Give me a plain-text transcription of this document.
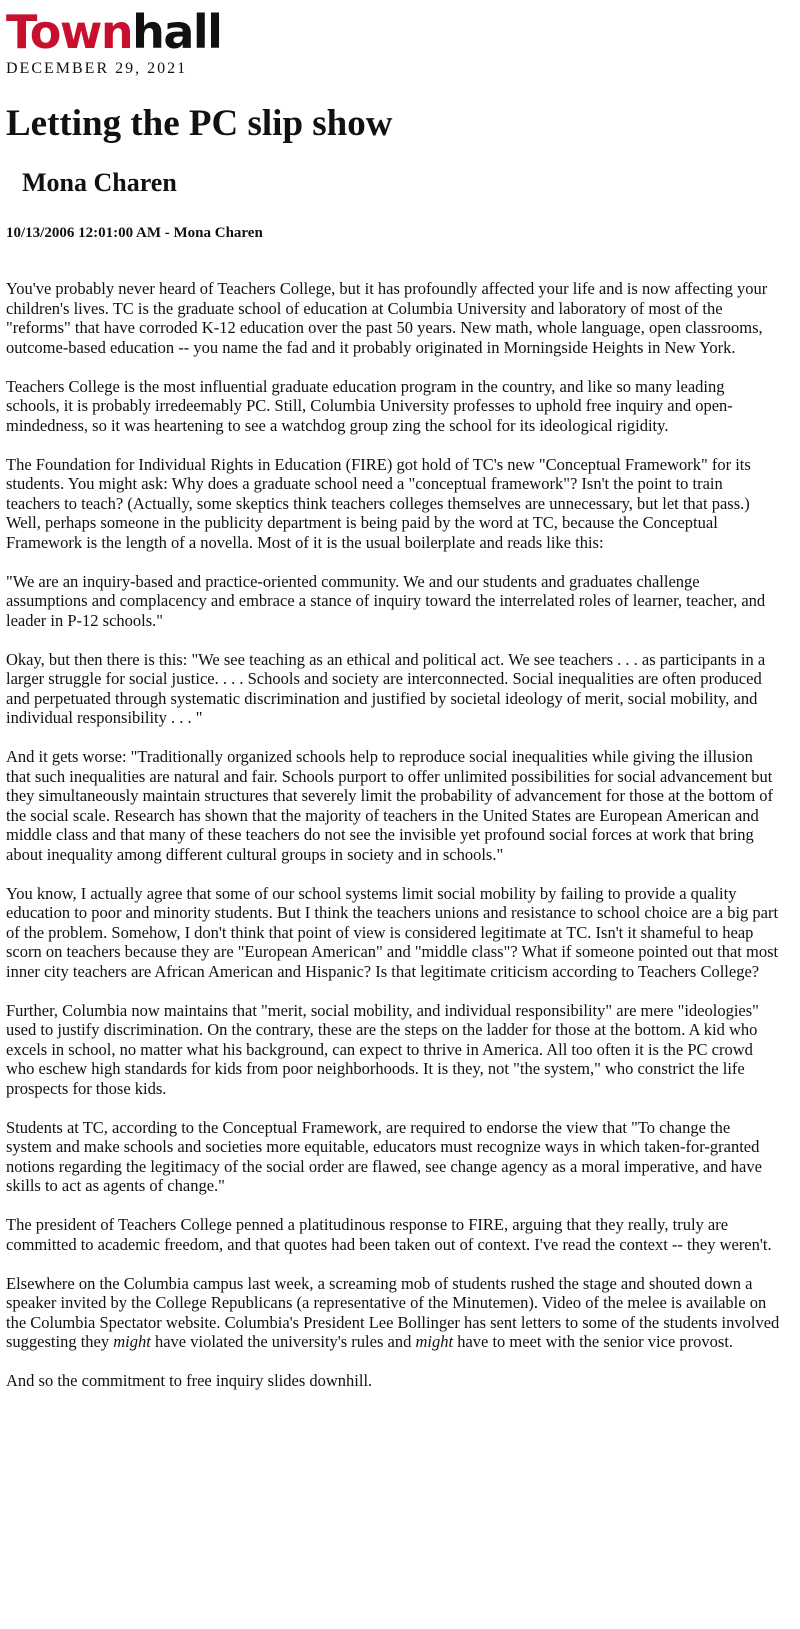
Townhall
DECEMBER 29, 2021
Letting the PC slip show
Mona Charen
10/13/2006 12:01:00 AM - Mona Charen

You've probably never heard of Teachers College, but it has profoundly affected your life and is now affecting your children's lives. TC is the graduate school of education at Columbia University and laboratory of most of the "reforms" that have corroded K-12 education over the past 50 years. New math, whole language, open classrooms, outcome-based education -- you name the fad and it probably originated in Morningside Heights in New York.

Teachers College is the most influential graduate education program in the country, and like so many leading schools, it is probably irredeemably PC. Still, Columbia University professes to uphold free inquiry and open-mindedness, so it was heartening to see a watchdog group zing the school for its ideological rigidity.

The Foundation for Individual Rights in Education (FIRE) got hold of TC's new "Conceptual Framework" for its students. You might ask: Why does a graduate school need a "conceptual framework"? Isn't the point to train teachers to teach? (Actually, some skeptics think teachers colleges themselves are unnecessary, but let that pass.) Well, perhaps someone in the publicity department is being paid by the word at TC, because the Conceptual Framework is the length of a novella. Most of it is the usual boilerplate and reads like this:

"We are an inquiry-based and practice-oriented community. We and our students and graduates challenge assumptions and complacency and embrace a stance of inquiry toward the interrelated roles of learner, teacher, and leader in P-12 schools."

Okay, but then there is this: "We see teaching as an ethical and political act. We see teachers . . . as participants in a larger struggle for social justice. . . . Schools and society are interconnected. Social inequalities are often produced and perpetuated through systematic discrimination and justified by societal ideology of merit, social mobility, and individual responsibility . . . "

And it gets worse: "Traditionally organized schools help to reproduce social inequalities while giving the illusion that such inequalities are natural and fair. Schools purport to offer unlimited possibilities for social advancement but they simultaneously maintain structures that severely limit the probability of advancement for those at the bottom of the social scale. Research has shown that the majority of teachers in the United States are European American and middle class and that many of these teachers do not see the invisible yet profound social forces at work that bring about inequality among different cultural groups in society and in schools."

You know, I actually agree that some of our school systems limit social mobility by failing to provide a quality education to poor and minority students. But I think the teachers unions and resistance to school choice are a big part of the problem. Somehow, I don't think that point of view is considered legitimate at TC. Isn't it shameful to heap scorn on teachers because they are "European American" and "middle class"? What if someone pointed out that most inner city teachers are African American and Hispanic? Is that legitimate criticism according to Teachers College?

Further, Columbia now maintains that "merit, social mobility, and individual responsibility" are mere "ideologies" used to justify discrimination. On the contrary, these are the steps on the ladder for those at the bottom. A kid who excels in school, no matter what his background, can expect to thrive in America. All too often it is the PC crowd who eschew high standards for kids from poor neighborhoods. It is they, not "the system," who constrict the life prospects for those kids.

Students at TC, according to the Conceptual Framework, are required to endorse the view that "To change the system and make schools and societies more equitable, educators must recognize ways in which taken-for-granted notions regarding the legitimacy of the social order are flawed, see change agency as a moral imperative, and have skills to act as agents of change."

The president of Teachers College penned a platitudinous response to FIRE, arguing that they really, truly are committed to academic freedom, and that quotes had been taken out of context. I've read the context -- they weren't.

Elsewhere on the Columbia campus last week, a screaming mob of students rushed the stage and shouted down a speaker invited by the College Republicans (a representative of the Minutemen). Video of the melee is available on the Columbia Spectator website. Columbia's President Lee Bollinger has sent letters to some of the students involved suggesting they might have violated the university's rules and might have to meet with the senior vice provost.

And so the commitment to free inquiry slides downhill.
